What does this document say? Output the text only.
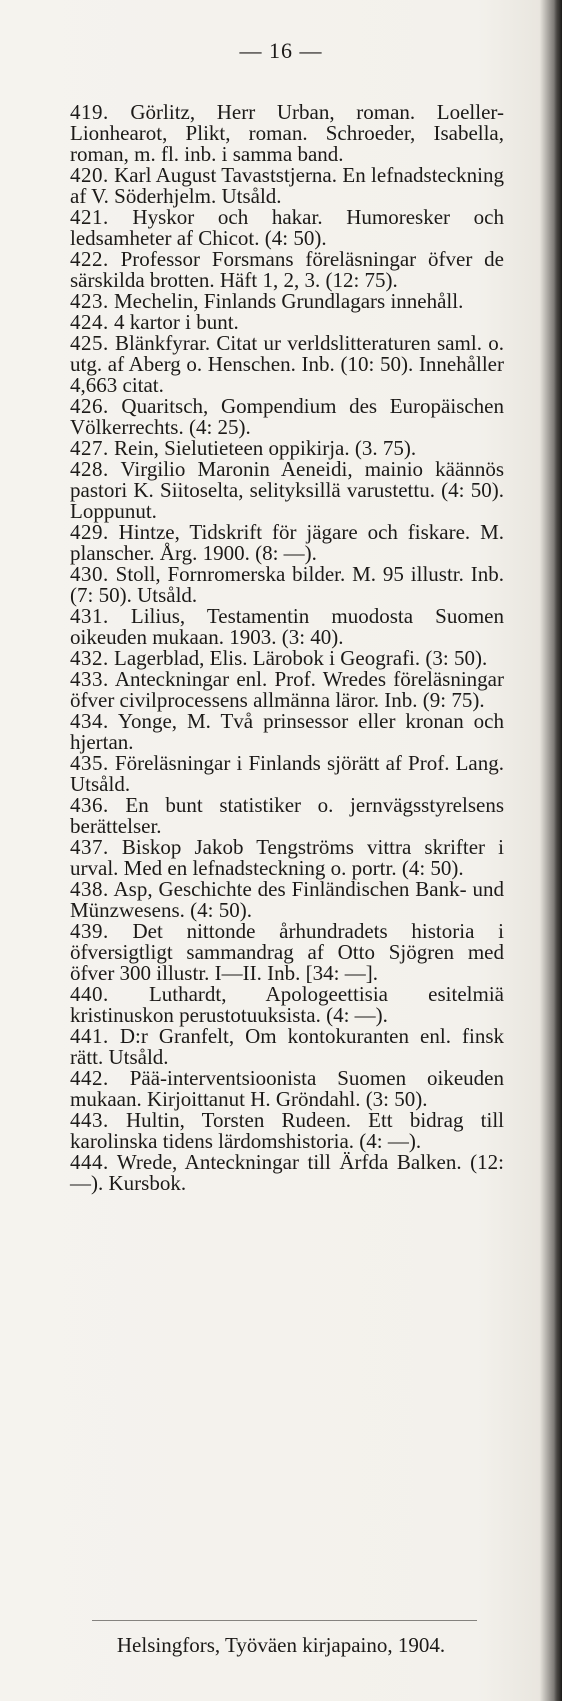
— 16 —

419. Görlitz, Herr Urban, roman. Loeller-Lionhearot, Plikt, roman. Schroeder, Isabella, roman, m. fl. inb. i samma band.

420. Karl August Tavaststjerna. En lefnadsteckning af V. Söderhjelm. Utsåld.

421. Hyskor och hakar. Humoresker och ledsamheter af Chicot. (4: 50).

422. Professor Forsmans föreläsningar öfver de särskilda brotten. Häft 1, 2, 3. (12: 75).

423. Mechelin, Finlands Grundlagars innehåll.

424. 4 kartor i bunt.

425. Blänkfyrar. Citat ur verldslitteraturen saml. o. utg. af Aberg o. Henschen. Inb. (10: 50). Innehåller 4,663 citat.

426. Quaritsch, Gompendium des Europäischen Völkerrechts. (4: 25).

427. Rein, Sielutieteen oppikirja. (3. 75).

428. Virgilio Maronin Aeneidi, mainio käännös pastori K. Siitoselta, selityksillä varustettu. (4: 50). Loppunut.

429. Hintze, Tidskrift för jägare och fiskare. M. planscher. Årg. 1900. (8: —).

430. Stoll, Fornromerska bilder. M. 95 illustr. Inb. (7: 50). Utsåld.

431. Lilius, Testamentin muodosta Suomen oikeuden mukaan. 1903. (3: 40).

432. Lagerblad, Elis. Lärobok i Geografi. (3: 50).

433. Anteckningar enl. Prof. Wredes föreläsningar öfver civilprocessens allmänna läror. Inb. (9: 75).

434. Yonge, M. Två prinsessor eller kronan och hjertan.

435. Föreläsningar i Finlands sjörätt af Prof. Lang. Utsåld.

436. En bunt statistiker o. jernvägsstyrelsens berättelser.

437. Biskop Jakob Tengströms vittra skrifter i urval. Med en lefnadsteckning o. portr. (4: 50).

438. Asp, Geschichte des Finländischen Bank- und Münzwesens. (4: 50).

439. Det nittonde århundradets historia i öfversigtligt sammandrag af Otto Sjögren med öfver 300 illustr. I—II. Inb. [34: —].

440. Luthardt, Apologeettisia esitelmiä kristinuskon perustotuuksista. (4: —).

441. D:r Granfelt, Om kontokuranten enl. finsk rätt. Utsåld.

442. Pää-interventsioonista Suomen oikeuden mukaan. Kirjoittanut H. Gröndahl. (3: 50).

443. Hultin, Torsten Rudeen. Ett bidrag till karolinska tidens lärdomshistoria. (4: —).

444. Wrede, Anteckningar till Ärfda Balken. (12: —). Kursbok.

Helsingfors, Työväen kirjapaino, 1904.
